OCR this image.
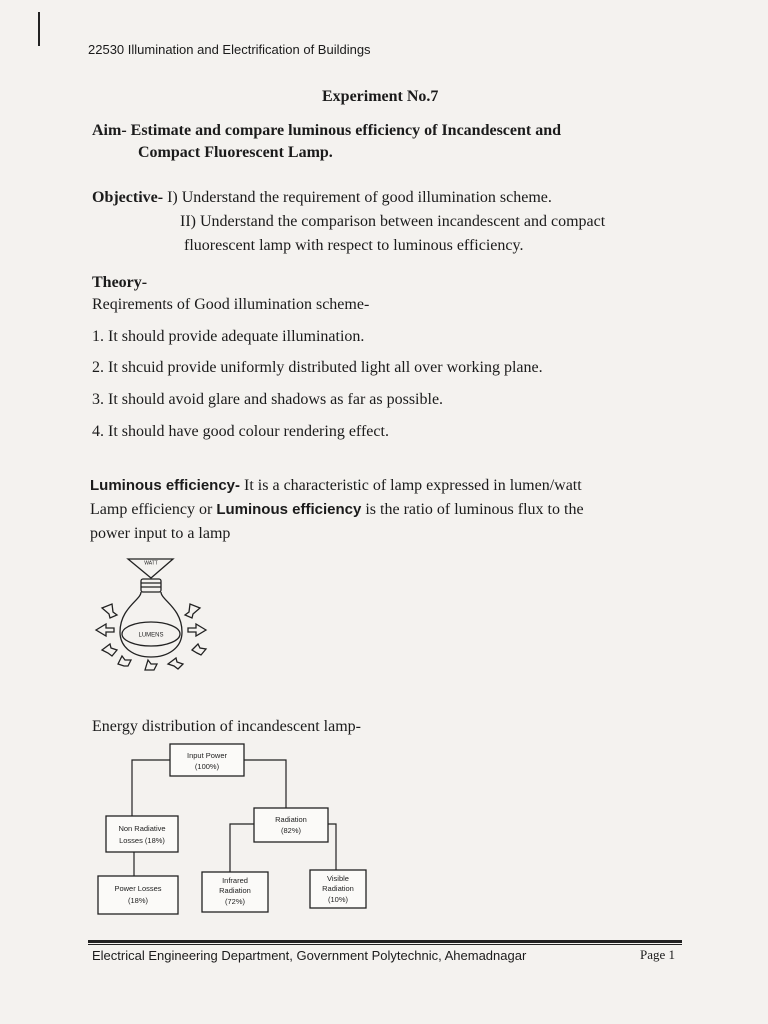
22530 Illumination and Electrification of Buildings
Experiment No.7
Aim- Estimate and compare luminous efficiency of Incandescent and
Compact Fluorescent Lamp.
Objective- I) Understand the requirement of good illumination scheme.
II) Understand the comparison between incandescent and compact
fluorescent lamp with respect to luminous efficiency.
Theory-
Reqirements of Good illumination scheme-
1. It should provide adequate illumination.
2. It shcuid provide uniformly distributed light all over working plane.
3. It should avoid glare and shadows as far as possible.
4. It should have good colour rendering effect.
Luminous efficiency- It is a characteristic of lamp expressed in lumen/watt
Lamp efficiency or Luminous efficiency is the ratio of luminous flux to the
power input to a lamp
WATT
LUMENS
Energy distribution of incandescent lamp-
Input Power
(100%)
Radiation
(82%)
Non Radiative
Losses (18%)
Power Losses
(18%)
Infrared
Radiation
(72%)
Visible
Radiation
(10%)
Electrical Engineering Department, Government Polytechnic, Ahemadnagar	Page 1
